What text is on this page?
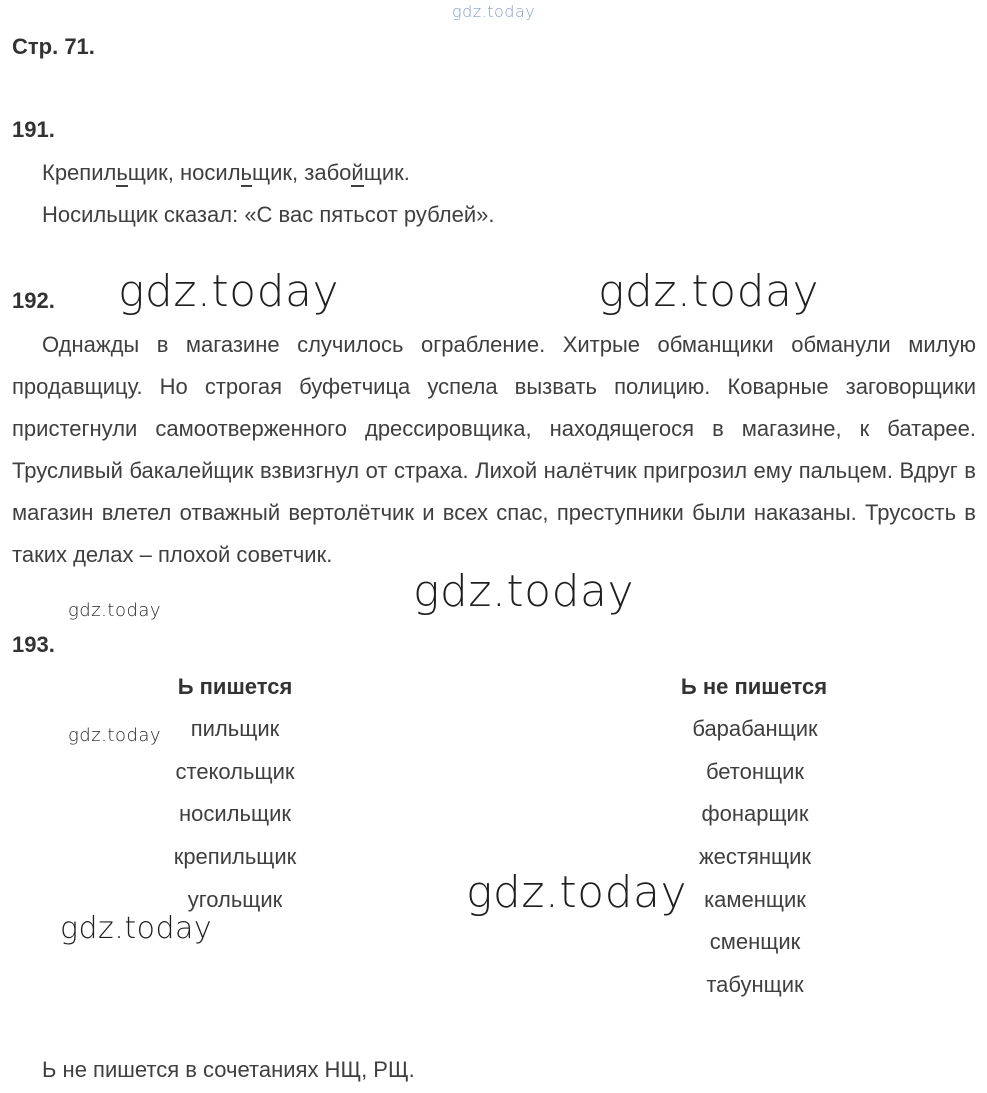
gdz.today
Стр. 71.
191.
Крепильщик, носильщик, забойщик.
Носильщик сказал: «С вас пятьсот рублей».
192. gdz.today	gdz.today
Однажды в магазине случилось ограбление. Хитрые обманщики обманули милую продавщицу. Но строгая буфетчица успела вызвать полицию. Коварные заговорщики пристегнули самоотверженного дрессировщика, находящегося в магазине, к батарее. Трусливый бакалейщик взвизгнул от страха. Лихой налётчик пригрозил ему пальцем. Вдруг в магазин влетел отважный вертолётчик и всех спас, преступники были наказаны. Трусость в таких делах – плохой советчик.
gdz.today
gdz.today
193.
Ь пишется	Ь не пишется
пильщик
стекольщик
носильщик
крепильщик
угольщик
барабанщик
бетонщик
фонарщик
жестянщик
каменщик
сменщик
табунщик
gdz.today
gdz.today
gdz.today
Ь не пишется в сочетаниях НЩ, РЩ.
